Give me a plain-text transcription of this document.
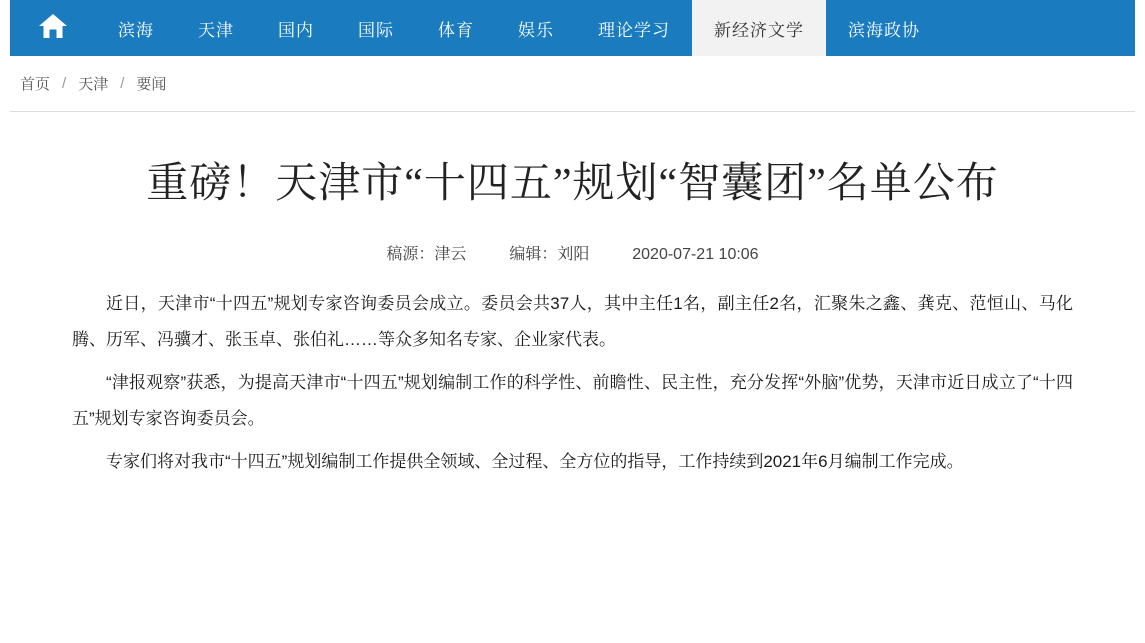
滨海	天津	国内	国际	体育	娱乐	理论学习	新经济文学	滨海政协
首页 / 天津 / 要闻
重磅！天津市“十四五”规划“智囊团”名单公布
稿源：津云	编辑：刘阳	2020-07-21 10:06

近日，天津市“十四五”规划专家咨询委员会成立。委员会共37人，其中主任1名，副主任2名，汇聚朱之鑫、龚克、范恒山、马化腾、历军、冯骥才、张玉卓、张伯礼……等众多知名专家、企业家代表。

“津报观察”获悉，为提高天津市“十四五”规划编制工作的科学性、前瞻性、民主性，充分发挥“外脑”优势，天津市近日成立了“十四五”规划专家咨询委员会。

专家们将对我市“十四五”规划编制工作提供全领域、全过程、全方位的指导，工作持续到2021年6月编制工作完成。
